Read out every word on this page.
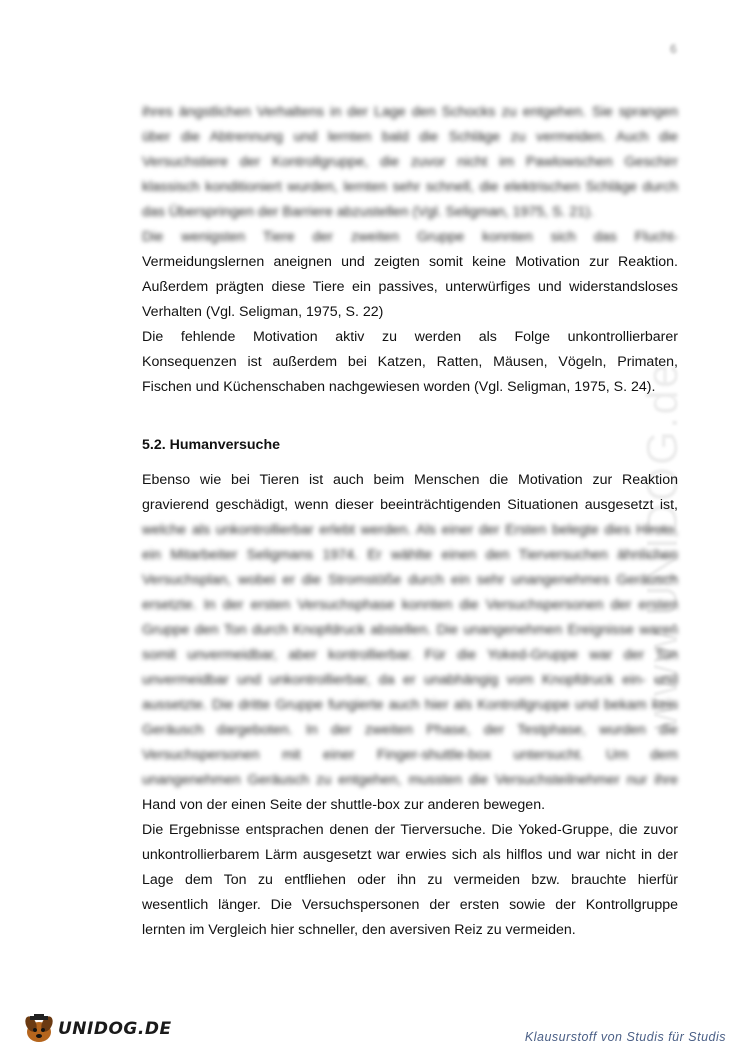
6
www.UNIDOG.de
ihres ängstlichen Verhaltens in der Lage den Schocks zu entgehen. Sie sprangen
über die Abtrennung und lernten bald die Schläge zu vermeiden. Auch die
Versuchstiere der Kontrollgruppe, die zuvor nicht im Pawlowschen Geschirr
klassisch konditioniert wurden, lernten sehr schnell, die elektrischen Schläge durch
das Überspringen der Barriere abzustellen (Vgl. Seligman, 1975, S. 21).
Die wenigsten Tiere der zweiten Gruppe konnten sich das Flucht-
Vermeidungslernen aneignen und zeigten somit keine Motivation zur Reaktion.
Außerdem prägten diese Tiere ein passives, unterwürfiges und widerstandsloses
Verhalten (Vgl. Seligman, 1975, S. 22)
Die fehlende Motivation aktiv zu werden als Folge unkontrollierbarer
Konsequenzen ist außerdem bei Katzen, Ratten, Mäusen, Vögeln, Primaten,
Fischen und Küchenschaben nachgewiesen worden (Vgl. Seligman, 1975, S. 24).
5.2. Humanversuche
Ebenso wie bei Tieren ist auch beim Menschen die Motivation zur Reaktion
gravierend geschädigt, wenn dieser beeinträchtigenden Situationen ausgesetzt ist,
welche als unkontrollierbar erlebt werden. Als einer der Ersten belegte dies Hiroto,
ein Mitarbeiter Seligmans 1974. Er wählte einen den Tierversuchen ähnlichen
Versuchsplan, wobei er die Stromstöße durch ein sehr unangenehmes Geräusch
ersetzte. In der ersten Versuchsphase konnten die Versuchspersonen der ersten
Gruppe den Ton durch Knopfdruck abstellen. Die unangenehmen Ereignisse waren
somit unvermeidbar, aber kontrollierbar. Für die Yoked-Gruppe war der Ton
unvermeidbar und unkontrollierbar, da er unabhängig vom Knopfdruck ein- und
aussetzte. Die dritte Gruppe fungierte auch hier als Kontrollgruppe und bekam kein
Geräusch dargeboten. In der zweiten Phase, der Testphase, wurden die
Versuchspersonen mit einer Finger-shuttle-box untersucht. Um dem
unangenehmen Geräusch zu entgehen, mussten die Versuchsteilnehmer nur ihre
Hand von der einen Seite der shuttle-box zur anderen bewegen.
Die Ergebnisse entsprachen denen der Tierversuche. Die Yoked-Gruppe, die zuvor
unkontrollierbarem Lärm ausgesetzt war erwies sich als hilflos und war nicht in der
Lage dem Ton zu entfliehen oder ihn zu vermeiden bzw. brauchte hierfür
wesentlich länger. Die Versuchspersonen der ersten sowie der Kontrollgruppe
lernten im Vergleich hier schneller, den aversiven Reiz zu vermeiden.
UNIDOG.DE	Klausurstoff von Studis für Studis
